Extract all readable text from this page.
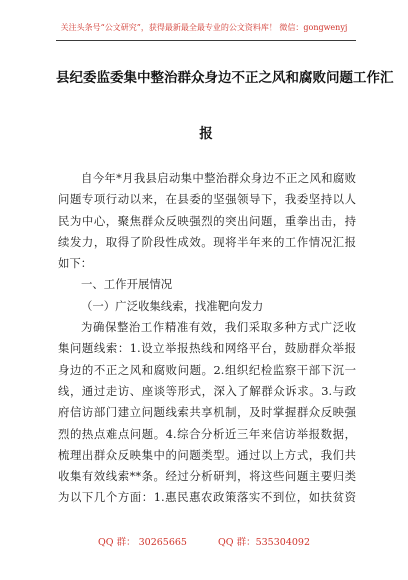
关注头条号“公文研究”，获得最新最全最专业的公文资料库！ 微信：gongwenyj
县纪委监委集中整治群众身边不正之风和腐败问题工作汇
报
自今年*月我县启动集中整治群众身边不正之风和腐败
问题专项行动以来，在县委的坚强领导下，我委坚持以人
民为中心，聚焦群众反映强烈的突出问题，重拳出击，持
续发力，取得了阶段性成效。现将半年来的工作情况汇报
如下：
一、工作开展情况
（一）广泛收集线索，找准靶向发力
为确保整治工作精准有效，我们采取多种方式广泛收
集问题线索：1.设立举报热线和网络平台，鼓励群众举报
身边的不正之风和腐败问题。2.组织纪检监察干部下沉一
线，通过走访、座谈等形式，深入了解群众诉求。3.与政
府信访部门建立问题线索共享机制，及时掌握群众反映强
烈的热点难点问题。4.综合分析近三年来信访举报数据，
梳理出群众反映集中的问题类型。通过以上方式，我们共
收集有效线索**条。经过分析研判，将这些问题主要归类
为以下几个方面：1.惠民惠农政策落实不到位，如扶贫资
QQ 群： 30265665	QQ 群：535304092
